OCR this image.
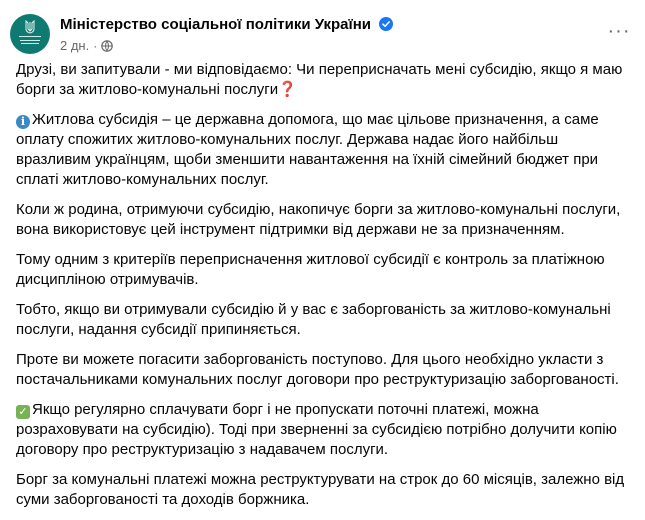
Міністерство соціальної політики України
2 дн. ·
···

Друзі, ви запитували - ми відповідаємо: Чи переприсначать мені субсидію, якщо я маю борги за житлово-комунальні послуги❓

i Житлова субсидія – це державна допомога, що має цільове призначення, а саме оплату спожитих житлово-комунальних послуг. Держава надає його найбільш вразливим українцям, щоби зменшити навантаження на їхній сімейний бюджет при сплаті житлово-комунальних послуг.

Коли ж родина, отримуючи субсидію, накопичує борги за житлово-комунальні послуги, вона використовує цей інструмент підтримки від держави не за призначенням.

Тому одним з критеріїв переприсначення житлової субсидії є контроль за платіжною дисципліною отримувачів.

Тобто, якщо ви отримували субсидію й у вас є заборгованість за житлово-комунальні послуги, надання субсидії припиняється.

Проте ви можете погасити заборгованість поступово. Для цього необхідно укласти з постачальниками комунальних послуг договори про реструктуризацію заборгованості.

✓ Якщо регулярно сплачувати борг і не пропускати поточні платежі, можна розраховувати на субсидію). Тоді при зверненні за субсидією потрібно долучити копію договору про реструктуризацію з надавачем послуги.

Борг за комунальні платежі можна реструктурувати на строк до 60 місяців, залежно від суми заборгованості та доходів боржника.
